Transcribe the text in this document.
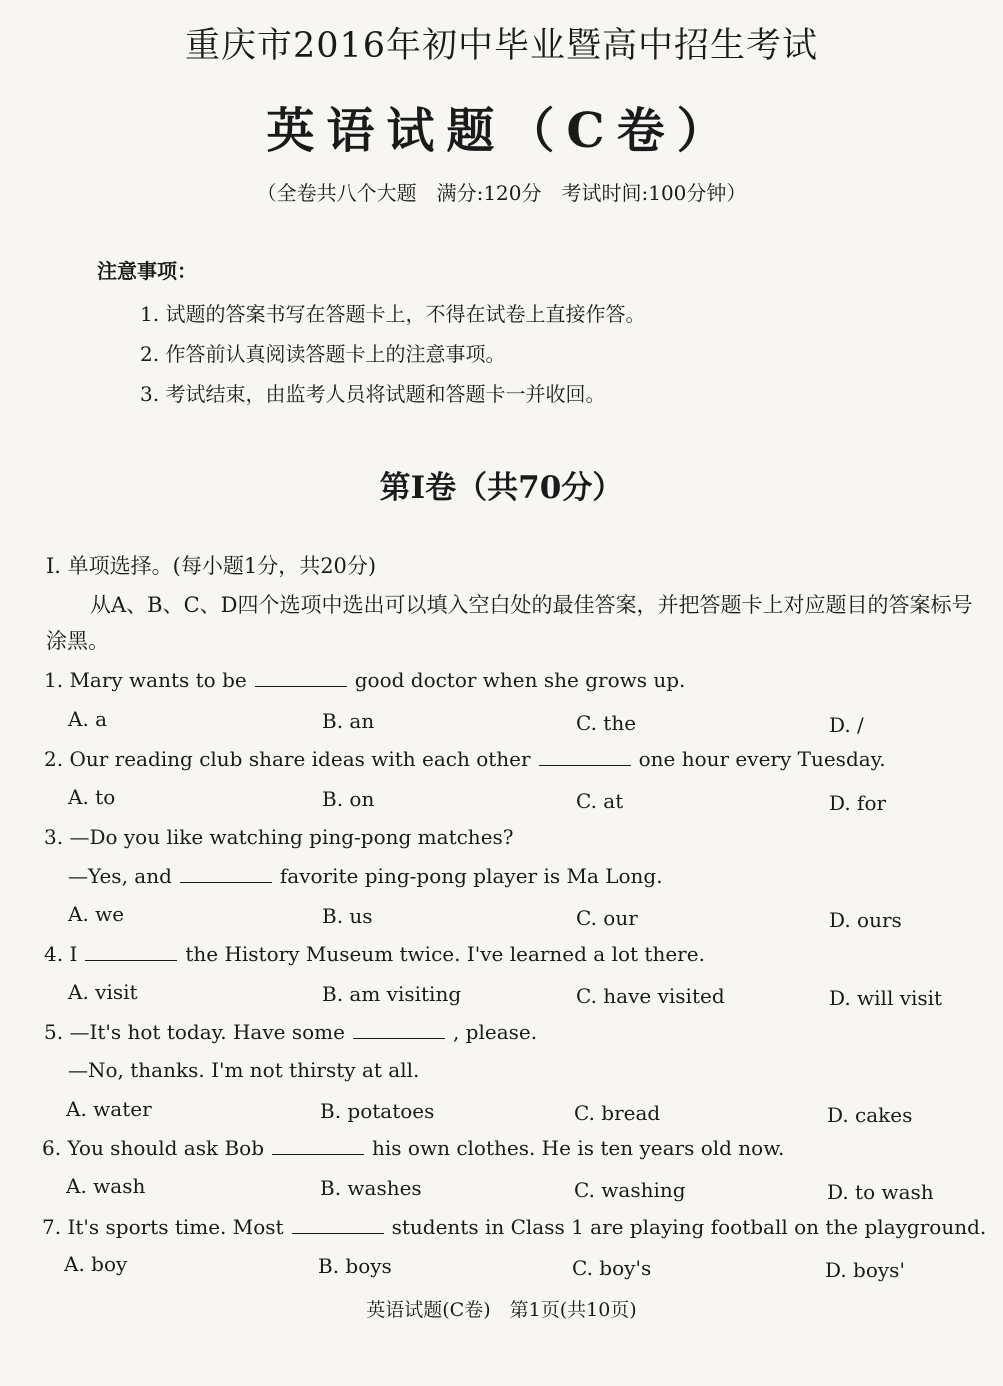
重庆市2016年初中毕业暨高中招生考试
英语试题（C卷）
（全卷共八个大题　满分:120分　考试时间:100分钟）
注意事项：
1. 试题的答案书写在答题卡上，不得在试卷上直接作答。
2. 作答前认真阅读答题卡上的注意事项。
3. 考试结束，由监考人员将试题和答题卡一并收回。
第Ⅰ卷（共70分）
Ⅰ. 单项选择。(每小题1分，共20分)
从A、B、C、D四个选项中选出可以填入空白处的最佳答案，并把答题卡上对应题目的答案标号涂黑。
1. Mary wants to be	good doctor when she grows up.
A. a	B. an	C. the	D. /
2. Our reading club share ideas with each other	one hour every Tuesday.
A. to	B. on	C. at	D. for
3. —Do you like watching ping-pong matches?
—Yes, and	favorite ping-pong player is Ma Long.
A. we	B. us	C. our	D. ours
4. I	the History Museum twice. I've learned a lot there.
A. visit	B. am visiting	C. have visited	D. will visit
5. —It's hot today. Have some	, please.
—No, thanks. I'm not thirsty at all.
A. water	B. potatoes	C. bread	D. cakes
6. You should ask Bob	his own clothes. He is ten years old now.
A. wash	B. washes	C. washing	D. to wash
7. It's sports time. Most	students in Class 1 are playing football on the playground.
A. boy	B. boys	C. boy's	D. boys'
英语试题(C卷)　第1页(共10页)
